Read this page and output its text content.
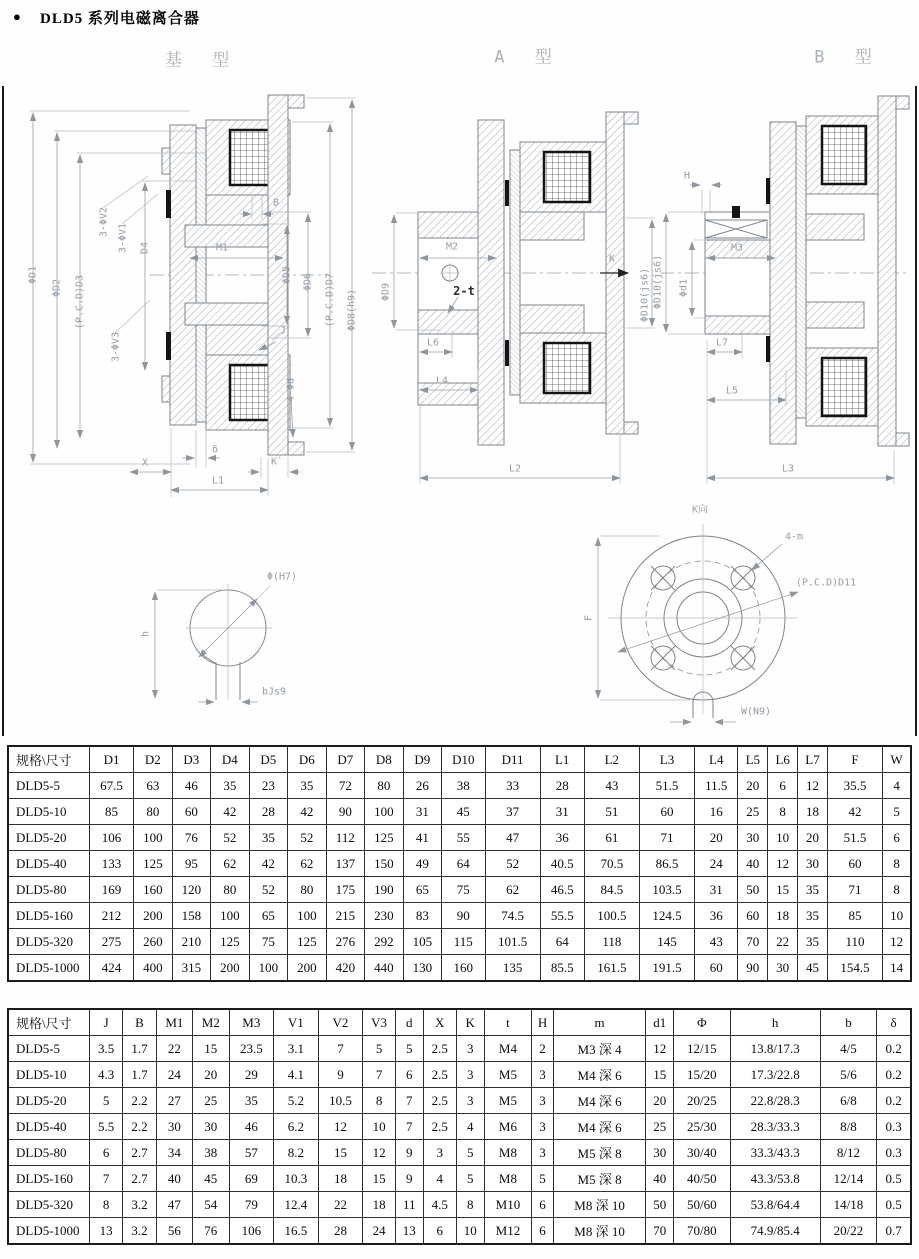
● DLD5 系列电磁离合器
基 型	A 型	B 型
ΦD1
ΦD2 (P.C.D)D3
D4
3-ΦV2
3-ΦV1
3-ΦV3
B
M1
J
ΦD5 ΦD6 (P.C.D)D7 ΦD8(h9)
4-Φd
δ
X
L1
K`
M2
ΦD9	2-t
L6
L4
L2
K
ΦD10(js6)
H
M3
Φd1
ΦD10(js6)
L7
L5
L3
Φ(H7)
h
bJs9
K向
4-m
(P.C.D)D11
F
W(N9)
规格\尺寸	D1	D2	D3	D4	D5	D6	D7	D8	D9	D10	D11	L1	L2	L3	L4	L5	L6	L7	F	W
DLD5-5	67.5	63	46	35	23	35	72	80	26	38	33	28	43	51.5	11.5	20	6	12	35.5	4
DLD5-10	85	80	60	42	28	42	90	100	31	45	37	31	51	60	16	25	8	18	42	5
DLD5-20	106	100	76	52	35	52	112	125	41	55	47	36	61	71	20	30	10	20	51.5	6
DLD5-40	133	125	95	62	42	62	137	150	49	64	52	40.5	70.5	86.5	24	40	12	30	60	8
DLD5-80	169	160	120	80	52	80	175	190	65	75	62	46.5	84.5	103.5	31	50	15	35	71	8
DLD5-160	212	200	158	100	65	100	215	230	83	90	74.5	55.5	100.5	124.5	36	60	18	35	85	10
DLD5-320	275	260	210	125	75	125	276	292	105	115	101.5	64	118	145	43	70	22	35	110	12
DLD5-1000	424	400	315	200	100	200	420	440	130	160	135	85.5	161.5	191.5	60	90	30	45	154.5	14
规格\尺寸	J	B	M1	M2	M3	V1	V2	V3	d	X	K	t	H	m	d1	Φ	h	b	δ
DLD5-5	3.5	1.7	22	15	23.5	3.1	7	5	5	2.5	3	M4	2	M3 深 4	12	12/15	13.8/17.3	4/5	0.2
DLD5-10	4.3	1.7	24	20	29	4.1	9	7	6	2.5	3	M5	3	M4 深 6	15	15/20	17.3/22.8	5/6	0.2
DLD5-20	5	2.2	27	25	35	5.2	10.5	8	7	2.5	3	M5	3	M4 深 6	20	20/25	22.8/28.3	6/8	0.2
DLD5-40	5.5	2.2	30	30	46	6.2	12	10	7	2.5	4	M6	3	M4 深 6	25	25/30	28.3/33.3	8/8	0.3
DLD5-80	6	2.7	34	38	57	8.2	15	12	9	3	5	M8	3	M5 深 8	30	30/40	33.3/43.3	8/12	0.3
DLD5-160	7	2.7	40	45	69	10.3	18	15	9	4	5	M8	5	M5 深 8	40	40/50	43.3/53.8	12/14	0.5
DLD5-320	8	3.2	47	54	79	12.4	22	18	11	4.5	8	M10	6	M8 深 10	50	50/60	53.8/64.4	14/18	0.5
DLD5-1000	13	3.2	56	76	106	16.5	28	24	13	6	10	M12	6	M8 深 10	70	70/80	74.9/85.4	20/22	0.7
